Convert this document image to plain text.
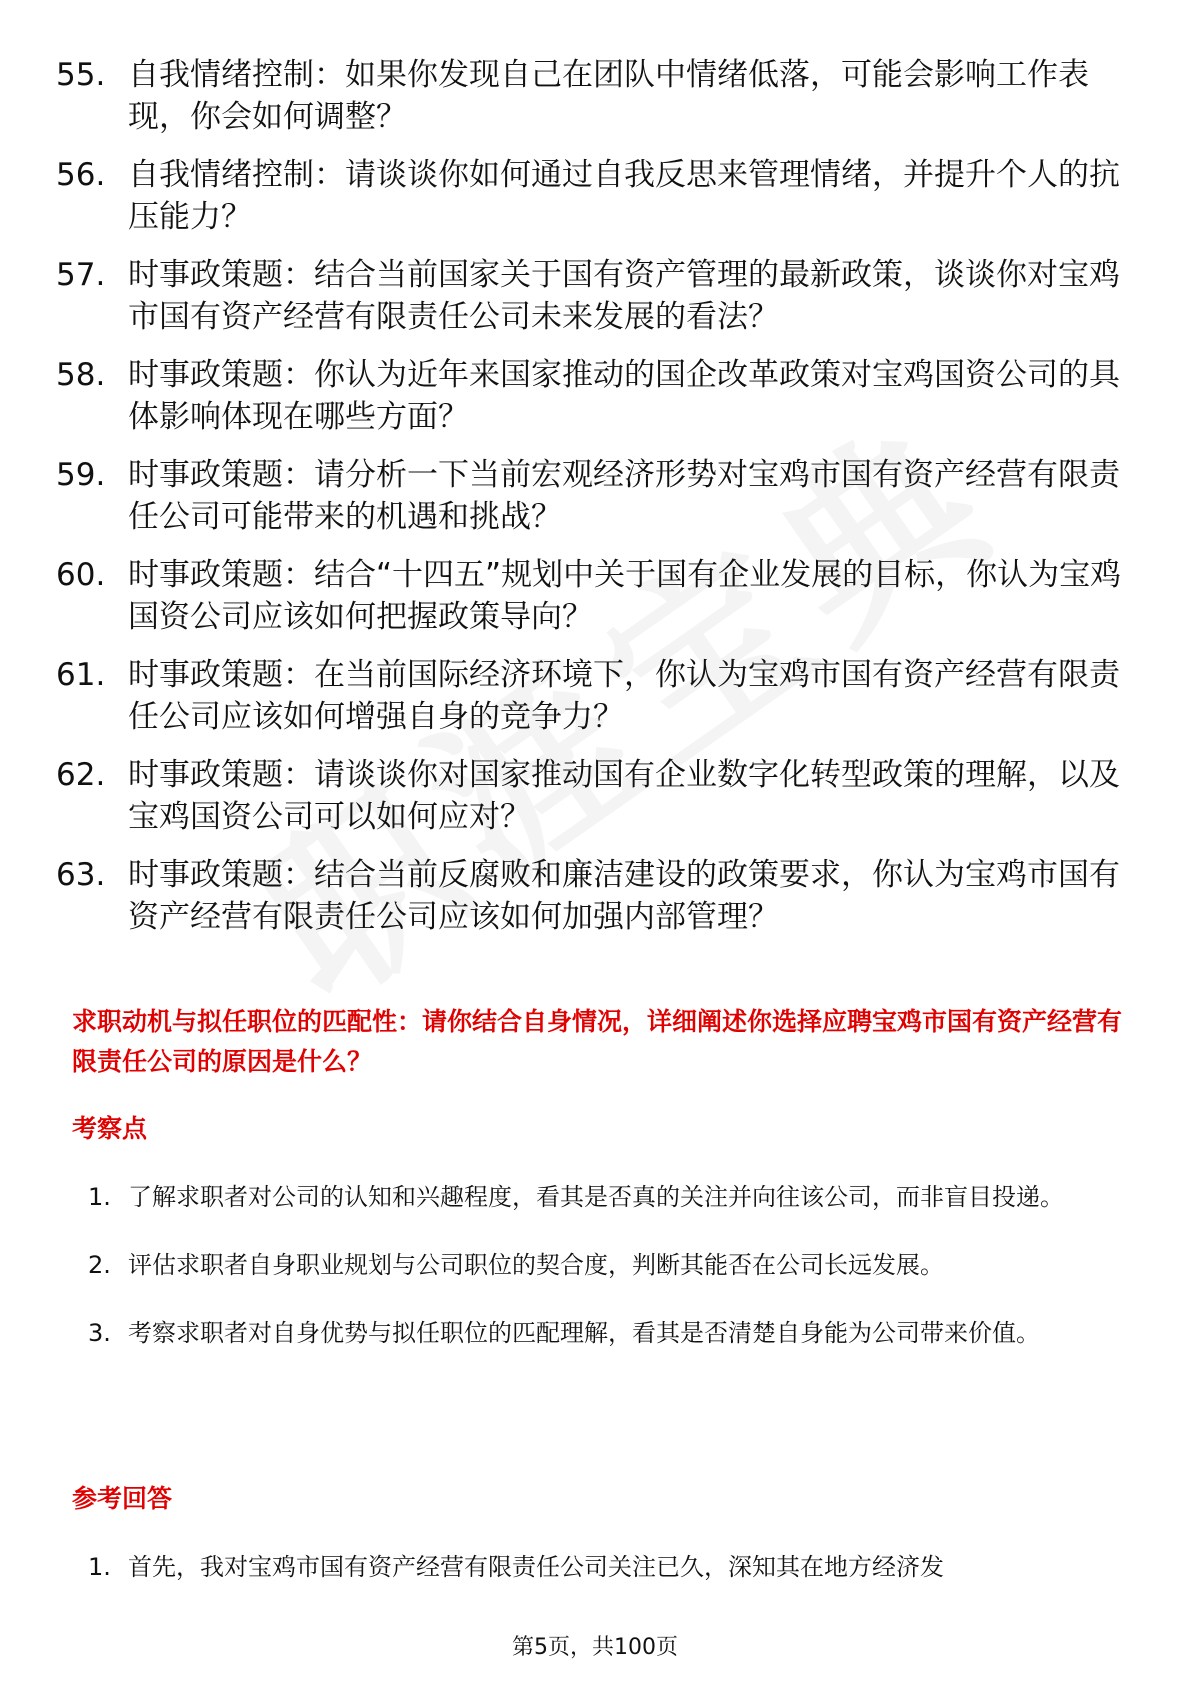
55. 自我情绪控制：如果你发现自己在团队中情绪低落，可能会影响工作表现，你会如何调整？
56. 自我情绪控制：请谈谈你如何通过自我反思来管理情绪，并提升个人的抗压能力？
57. 时事政策题：结合当前国家关于国有资产管理的最新政策，谈谈你对宝鸡市国有资产经营有限责任公司未来发展的看法？
58. 时事政策题：你认为近年来国家推动的国企改革政策对宝鸡国资公司的具体影响体现在哪些方面？
59. 时事政策题：请分析一下当前宏观经济形势对宝鸡市国有资产经营有限责任公司可能带来的机遇和挑战？
60. 时事政策题：结合“十四五”规划中关于国有企业发展的目标，你认为宝鸡国资公司应该如何把握政策导向？
61. 时事政策题：在当前国际经济环境下，你认为宝鸡市国有资产经营有限责任公司应该如何增强自身的竞争力？
62. 时事政策题：请谈谈你对国家推动国有企业数字化转型政策的理解，以及宝鸡国资公司可以如何应对？
63. 时事政策题：结合当前反腐败和廉洁建设的政策要求，你认为宝鸡市国有资产经营有限责任公司应该如何加强内部管理？
求职动机与拟任职位的匹配性：请你结合自身情况，详细阐述你选择应聘宝鸡市国有资产经营有限责任公司的原因是什么？
考察点
1. 了解求职者对公司的认知和兴趣程度，看其是否真的关注并向往该公司，而非盲目投递。
2. 评估求职者自身职业规划与公司职位的契合度，判断其能否在公司长远发展。
3. 考察求职者对自身优势与拟任职位的匹配理解，看其是否清楚自身能为公司带来价值。
参考回答
1. 首先，我对宝鸡市国有资产经营有限责任公司关注已久，深知其在地方经济发
第5页，共100页
